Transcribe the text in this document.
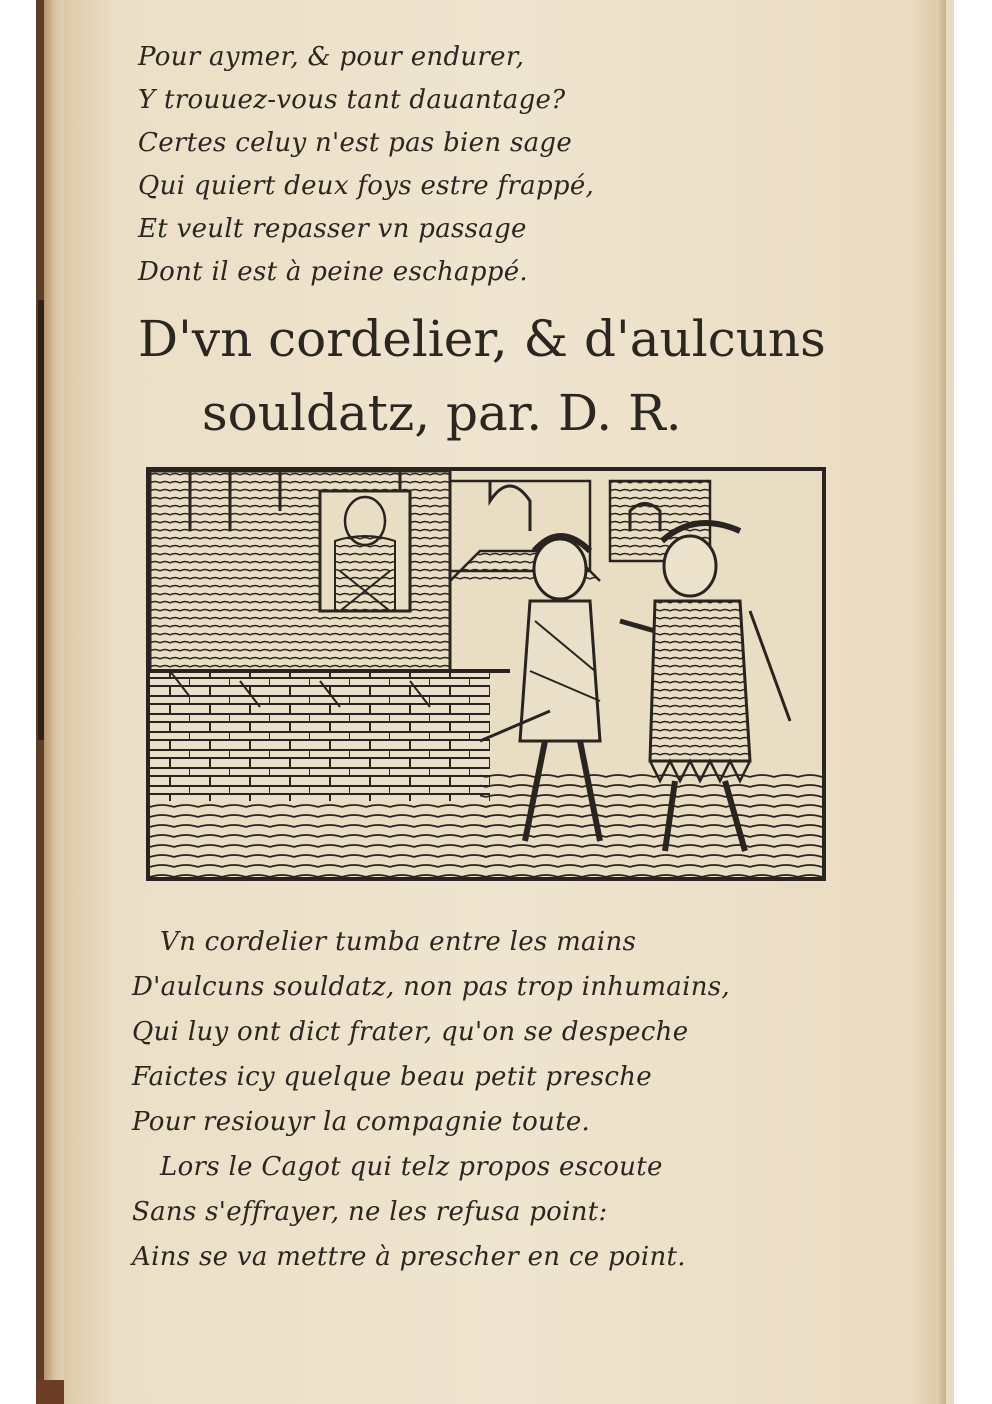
Pour aymer, & pour endurer,
Y trouuez-vous tant dauantage?
Certes celuy n'est pas bien sage
Qui quiert deux foys estre frappé,
Et veult repasser vn passage
Dont il est à peine eschappé.
D'vn cordelier, & d'aulcuns
souldatz, par. D. R.
Vn cordelier tumba entre les mains
D'aulcuns souldatz, non pas trop inhumains,
Qui luy ont dict frater, qu'on se despeche
Faictes icy quelque beau petit presche
Pour resiouyr la compagnie toute.
Lors le Cagot qui telz propos escoute
Sans s'effrayer, ne les refusa point:
Ains se va mettre à prescher en ce point.
